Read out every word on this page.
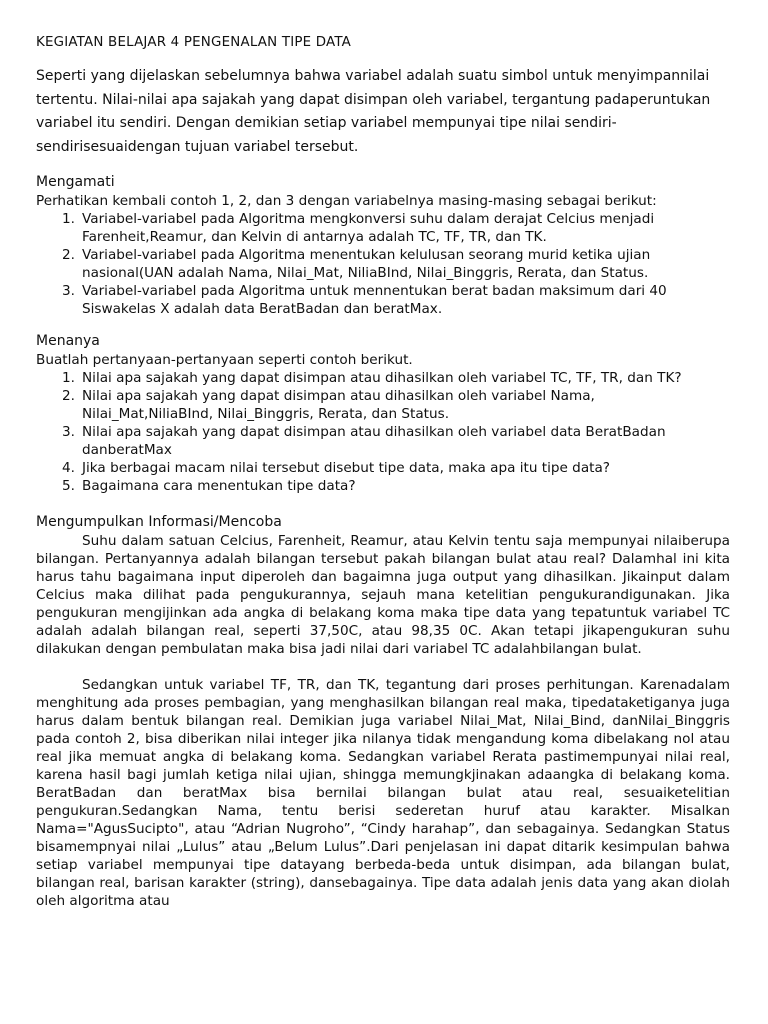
KEGIATAN BELAJAR 4 PENGENALAN TIPE DATA

Seperti yang dijelaskan sebelumnya bahwa variabel adalah suatu simbol untuk menyimpannilai tertentu. Nilai-nilai apa sajakah yang dapat disimpan oleh variabel, tergantung padaperuntukan variabel itu sendiri. Dengan demikian setiap variabel mempunyai tipe nilai sendiri-sendirisesuaidengan tujuan variabel tersebut.

Mengamati

Perhatikan kembali contoh 1, 2, dan 3 dengan variabelnya masing-masing sebagai berikut:

1. Variabel-variabel pada Algoritma mengkonversi suhu dalam derajat Celcius menjadi Farenheit,Reamur, dan Kelvin di antarnya adalah TC, TF, TR, dan TK.
2. Variabel-variabel pada Algoritma menentukan kelulusan seorang murid ketika ujian nasional(UAN adalah Nama, Nilai_Mat, NiliaBInd, Nilai_Binggris, Rerata, dan Status.
3. Variabel-variabel pada Algoritma untuk mennentukan berat badan maksimum dari 40 Siswakelas X adalah data BeratBadan dan beratMax.
Menanya

Buatlah pertanyaan-pertanyaan seperti contoh berikut.

1. Nilai apa sajakah yang dapat disimpan atau dihasilkan oleh variabel TC, TF, TR, dan TK?
2. Nilai apa sajakah yang dapat disimpan atau dihasilkan oleh variabel Nama, Nilai_Mat,NiliaBInd, Nilai_Binggris, Rerata, dan Status.
3. Nilai apa sajakah yang dapat disimpan atau dihasilkan oleh variabel data BeratBadan danberatMax
4. Jika berbagai macam nilai tersebut disebut tipe data, maka apa itu tipe data?
5. Bagaimana cara menentukan tipe data?
Mengumpulkan Informasi/Mencoba

Suhu dalam satuan Celcius, Farenheit, Reamur, atau Kelvin tentu saja mempunyai nilaiberupa bilangan. Pertanyannya adalah bilangan tersebut pakah bilangan bulat atau real? Dalamhal ini kita harus tahu bagaimana input diperoleh dan bagaimna juga output yang dihasilkan. Jikainput dalam Celcius maka dilihat pada pengukurannya, sejauh mana ketelitian pengukurandigunakan. Jika pengukuran mengijinkan ada angka di belakang koma maka tipe data yang tepatuntuk variabel TC adalah adalah bilangan real, seperti 37,50C, atau 98,35 0C. Akan tetapi jikapengukuran suhu dilakukan dengan pembulatan maka bisa jadi nilai dari variabel TC adalahbilangan bulat.

Sedangkan untuk variabel TF, TR, dan TK, tegantung dari proses perhitungan. Karenadalam menghitung ada proses pembagian, yang menghasilkan bilangan real maka, tipedataketiganya juga harus dalam bentuk bilangan real. Demikian juga variabel Nilai_Mat, Nilai_Bind, danNilai_Binggris pada contoh 2, bisa diberikan nilai integer jika nilanya tidak mengandung koma dibelakang nol atau real jika memuat angka di belakang koma. Sedangkan variabel Rerata pastimempunyai nilai real, karena hasil bagi jumlah ketiga nilai ujian, shingga memungkjinakan adaangka di belakang koma. BeratBadan dan beratMax bisa bernilai bilangan bulat atau real, sesuaiketelitian pengukuran.Sedangkan Nama, tentu berisi sederetan huruf atau karakter. Misalkan Nama="AgusSucipto", atau “Adrian Nugroho”, “Cindy harahap”, dan sebagainya. Sedangkan Status bisamempnyai nilai „Lulus” atau „Belum Lulus”.Dari penjelasan ini dapat ditarik kesimpulan bahwa setiap variabel mempunyai tipe datayang berbeda-beda untuk disimpan, ada bilangan bulat, bilangan real, barisan karakter (string), dansebagainya. Tipe data adalah jenis data yang akan diolah oleh algoritma atau
